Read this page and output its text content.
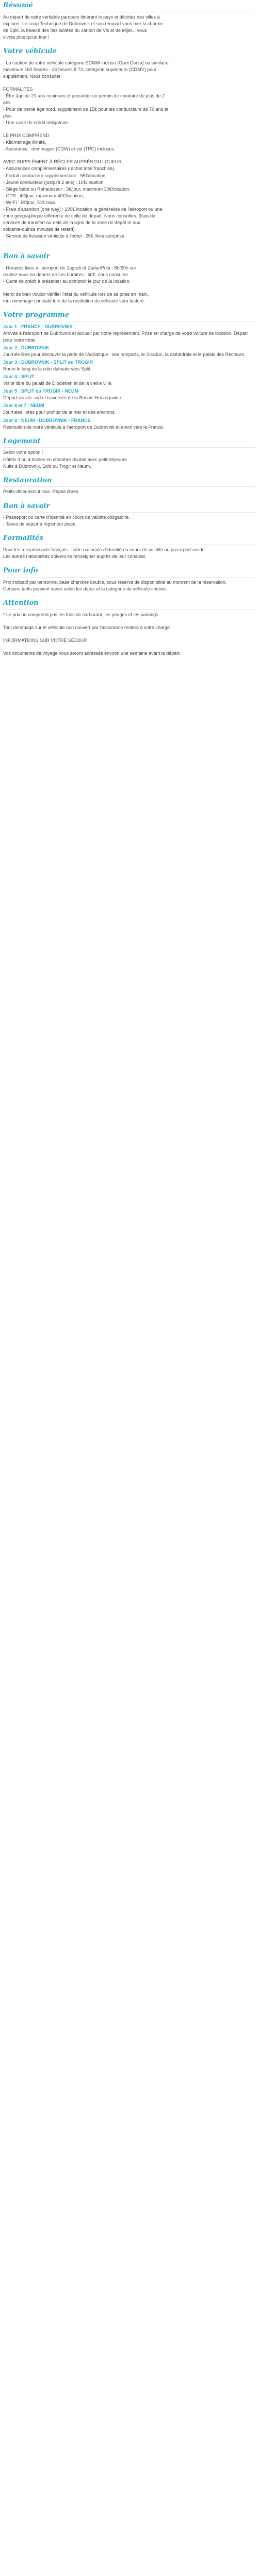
Résumé
Au départ de cette véritable parcours itinérant le pays et décidez des villes à
explorer. Le coup Technique de Dubrovnik et son rempart vous mer la charme
de Split, la beauté des îles isolées du canton de Vis et de Mljet... vous
vivrez plus qu'un tour !
Votre véhicule
- La caution de votre véhicule catégorie ECMW incluse (Opel Corsa) ou similaire
maximum 160 heures - 24 heures 8 72, catégorie supérieure (CDMV) pour
supplément. Nous consulter.
FORMALITÉS
- Être âgé de 21 ans minimum et posséder un permis de conduire de plus de 2
ans
- Pour de trente âge nord. supplément de 15€ pour les conducteurs de 70 ans et
plus.
- Une carte de crédit obligatoire
LE PRIX COMPREND
- Kilométrage illimité,
- Assurance : dommages (CDW) et vol (TPC) incluses.
AVEC SUPPLÉMENT À RÉGLER AUPRÈS DU LOUEUR
- Assurances complémentaires (rachat total franchise),
- Forfait conducteur supplémentaire : 55€/location,
- Jeune conducteur (jusqu'à 2 ans) : 10€/location,
- Siège bébé ou Rehausseur : 3€/jour, maximum 30€/location,
- GPS : 4€/jour, maximum 40€/location,
- Wi-Fi : 5€/jour, 51€ max.
- Frais d'abandon (one way) : 100€ location la généralisé de l'aéroport ou une
zone géographique différente de celle de départ. Nous consultes. (frais de
services de transfert au-delà de la ligne de la zone de dépôt et aux
soixante-quinze minutes de retard),
- Service de livraison véhicule à l'hôtel : 25€ /livraison/prise.
Bon à savoir
- Horaires fixes à l'aéroport de Zagreb et Zadar/Pula : 8h/20h sur
rendez-vous en dehors de ces horaires : 40€, nous consulter.
- Carte de crédit à présenter au comptoir le jour de la location.
Merci de bien vouloir vérifier l'état du véhicule lors de sa prise en main,
tout dommage constaté lors de la restitution du véhicule sera facturé.
Votre programme
Jour 1 : FRANCE - DUBROVNIK
Arrivée à l'aéroport de Dubrovnik et accueil par notre représentant. Prise en charge de votre voiture de location. Départ pour votre hôtel.
Jour 2 : DUBROVNIK
Journée libre pour découvrir la perle de l'Adriatique : ses remparts, le Stradun, la cathédrale et le palais des Recteurs.
Jour 3 : DUBROVNIK - SPLIT ou TROGIR
Route le long de la côte dalmate vers Split.
Jour 4 : SPLIT
Visite libre du palais de Dioclétien et de la vieille ville.
Jour 5 : SPLIT ou TROGIR - NEUM
Départ vers le sud et traversée de la Bosnie-Herzégovine.
Jour 6 et 7 : NEUM
Journées libres pour profiter de la mer et des environs.
Jour 8 : NEUM - DUBROVNIK - FRANCE
Restitution de votre véhicule à l'aéroport de Dubrovnik et envol vers la France.
Logement
Selon votre option :
Hôtels 3 ou 4 étoiles en chambre double avec petit-déjeuner.
Nuits à Dubrovnik, Split ou Trogir et Neum.
Restauration
Petits-déjeuners inclus. Repas libres.
Bon à savoir
- Passeport ou carte d'identité en cours de validité obligatoire.
- Taxes de séjour à régler sur place.
Formalités
Pour les ressortissants français : carte nationale d'identité en cours de validité ou passeport valide.
Les autres nationalités doivent se renseigner auprès de leur consulat.
Pour info
Prix indicatif par personne, base chambre double, sous réserve de disponibilité au moment de la réservation.
Certains tarifs peuvent varier selon les dates et la catégorie de véhicule choisie.
Attention
* Le prix ne comprend pas les frais de carburant, les péages et les parkings.
Tout dommage sur le véhicule non couvert par l'assurance restera à votre charge.
INFORMATIONS SUR VOTRE SÉJOUR
Vos documents de voyage vous seront adressés environ une semaine avant le départ.
